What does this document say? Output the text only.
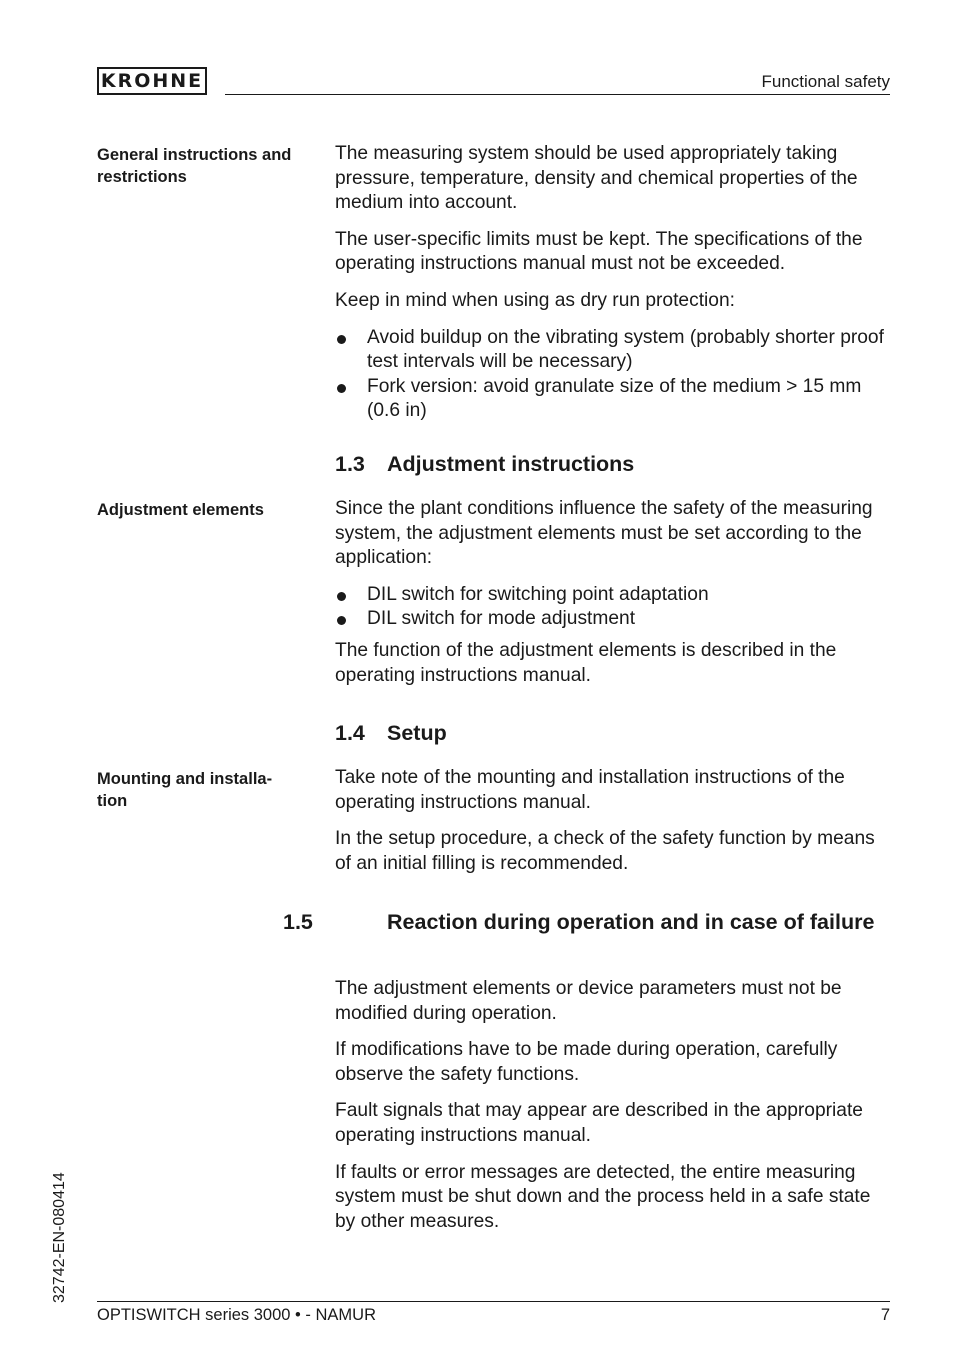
KROHNE	Functional safety
General instructions and restrictions

The measuring system should be used appropriately taking pressure, temperature, density and chemical properties of the medium into account.

The user-specific limits must be kept. The specifications of the operating instructions manual must not be exceeded.

Keep in mind when using as dry run protection:

Avoid buildup on the vibrating system (probably shorter proof test intervals will be necessary)
Fork version: avoid granulate size of the medium > 15 mm (0.6 in)
1.3 Adjustment instructions
Adjustment elements	Since the plant conditions influence the safety of the measuring system, the adjustment elements must be set according to the application:

DIL switch for switching point adaptation
DIL switch for mode adjustment

The function of the adjustment elements is described in the operating instructions manual.

1.4 Setup
Mounting and installa-tion

Take note of the mounting and installation instructions of the operating instructions manual.

In the setup procedure, a check of the safety function by means of an initial filling is recommended.

1.5	Reaction during operation and in case of failure

The adjustment elements or device parameters must not be modified during operation.

If modifications have to be made during operation, carefully observe the safety functions.

Fault signals that may appear are described in the appropriate operating instructions manual.

If faults or error messages are detected, the entire measuring system must be shut down and the process held in a safe state by other measures.

32742-EN-080414
OPTISWITCH series 3000 • - NAMUR	7
